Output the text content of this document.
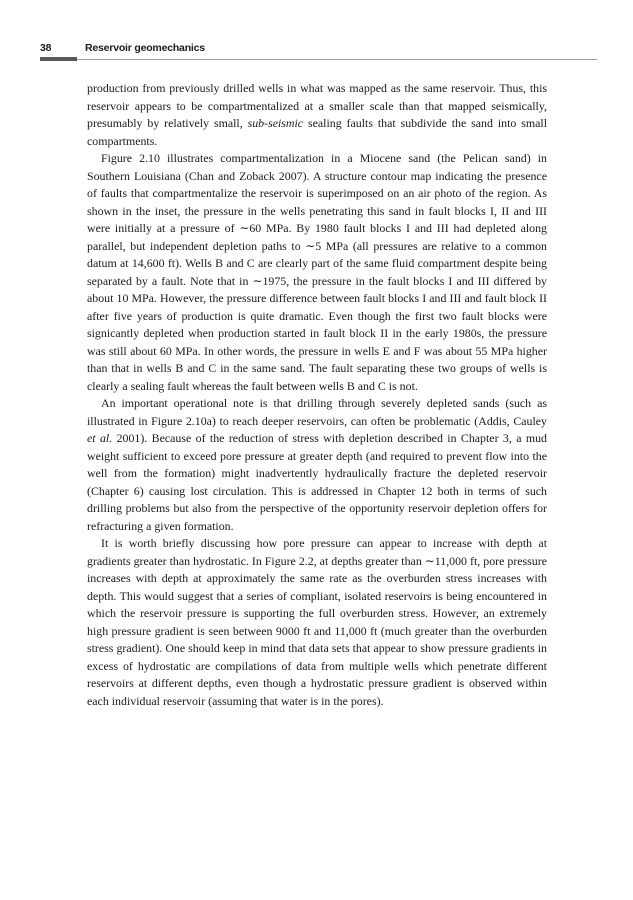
38	Reservoir geomechanics

production from previously drilled wells in what was mapped as the same reservoir. Thus, this reservoir appears to be compartmentalized at a smaller scale than that mapped seismically, presumably by relatively small, sub-seismic sealing faults that subdivide the sand into small compartments.

Figure 2.10 illustrates compartmentalization in a Miocene sand (the Pelican sand) in Southern Louisiana (Chan and Zoback 2007). A structure contour map indicating the presence of faults that compartmentalize the reservoir is superimposed on an air photo of the region. As shown in the inset, the pressure in the wells penetrating this sand in fault blocks I, II and III were initially at a pressure of ∼60 MPa. By 1980 fault blocks I and III had depleted along parallel, but independent depletion paths to ∼5 MPa (all pressures are relative to a common datum at 14,600 ft). Wells B and C are clearly part of the same fluid compartment despite being separated by a fault. Note that in ∼1975, the pressure in the fault blocks I and III differed by about 10 MPa. However, the pressure difference between fault blocks I and III and fault block II after five years of production is quite dramatic. Even though the first two fault blocks were signicantly depleted when production started in fault block II in the early 1980s, the pressure was still about 60 MPa. In other words, the pressure in wells E and F was about 55 MPa higher than that in wells B and C in the same sand. The fault separating these two groups of wells is clearly a sealing fault whereas the fault between wells B and C is not.

An important operational note is that drilling through severely depleted sands (such as illustrated in Figure 2.10a) to reach deeper reservoirs, can often be problematic (Addis, Cauley et al. 2001). Because of the reduction of stress with depletion described in Chapter 3, a mud weight sufficient to exceed pore pressure at greater depth (and required to prevent flow into the well from the formation) might inadvertently hydraulically fracture the depleted reservoir (Chapter 6) causing lost circulation. This is addressed in Chapter 12 both in terms of such drilling problems but also from the perspective of the opportunity reservoir depletion offers for refracturing a given formation.

It is worth briefly discussing how pore pressure can appear to increase with depth at gradients greater than hydrostatic. In Figure 2.2, at depths greater than ∼11,000 ft, pore pressure increases with depth at approximately the same rate as the overburden stress increases with depth. This would suggest that a series of compliant, isolated reservoirs is being encountered in which the reservoir pressure is supporting the full overburden stress. However, an extremely high pressure gradient is seen between 9000 ft and 11,000 ft (much greater than the overburden stress gradient). One should keep in mind that data sets that appear to show pressure gradients in excess of hydrostatic are compilations of data from multiple wells which penetrate different reservoirs at different depths, even though a hydrostatic pressure gradient is observed within each individual reservoir (assuming that water is in the pores).
